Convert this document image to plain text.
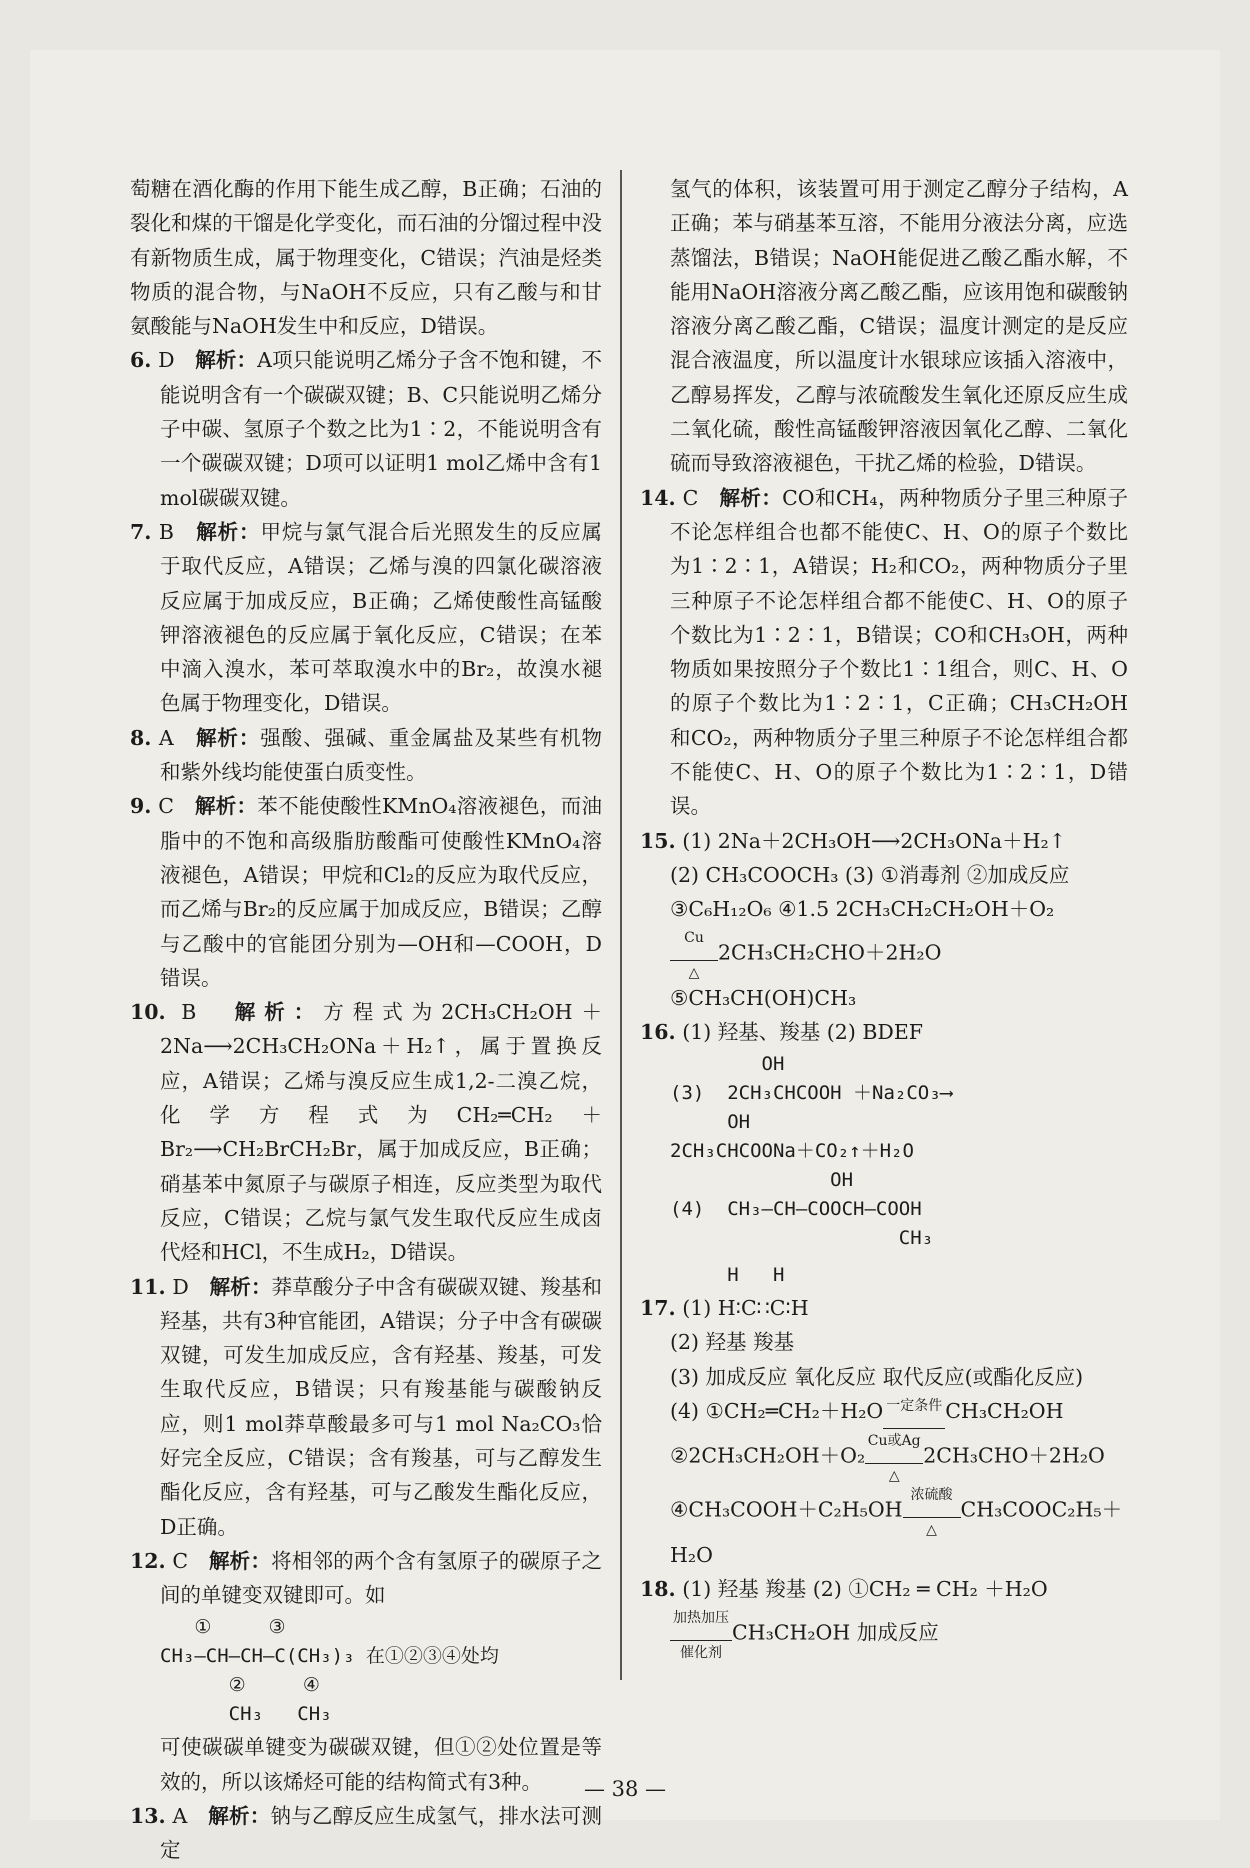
萄糖在酒化酶的作用下能生成乙醇，B正确；石油的裂化和煤的干馏是化学变化，而石油的分馏过程中没有新物质生成，属于物理变化，C错误；汽油是烃类物质的混合物，与NaOH不反应，只有乙酸与和甘氨酸能与NaOH发生中和反应，D错误。

6. D　 解析：A项只能说明乙烯分子含不饱和键，不能说明含有一个碳碳双键；B、C只能说明乙烯分子中碳、氢原子个数之比为1∶2，不能说明含有一个碳碳双键；D项可以证明1 mol乙烯中含有1 mol碳碳双键。

7. B　 解析：甲烷与氯气混合后光照发生的反应属于取代反应，A错误；乙烯与溴的四氯化碳溶液反应属于加成反应，B正确；乙烯使酸性高锰酸钾溶液褪色的反应属于氧化反应，C错误；在苯中滴入溴水，苯可萃取溴水中的Br₂，故溴水褪色属于物理变化，D错误。

8. A　 解析：强酸、强碱、重金属盐及某些有机物和紫外线均能使蛋白质变性。

9. C　 解析：苯不能使酸性KMnO₄溶液褪色，而油脂中的不饱和高级脂肪酸酯可使酸性KMnO₄溶液褪色，A错误；甲烷和Cl₂的反应为取代反应，而乙烯与Br₂的反应属于加成反应，B错误；乙醇与乙酸中的官能团分别为—OH和—COOH，D错误。

10. B　 解析：方程式为2CH₃CH₂OH＋2Na⟶2CH₃CH₂ONa＋H₂↑，属于置换反应，A错误；乙烯与溴反应生成1,2-二溴乙烷，化学方程式为CH₂═CH₂＋Br₂⟶CH₂BrCH₂Br，属于加成反应，B正确；硝基苯中氮原子与碳原子相连，反应类型为取代反应，C错误；乙烷与氯气发生取代反应生成卤代烃和HCl，不生成H₂，D错误。

11. D　 解析：莽草酸分子中含有碳碳双键、羧基和羟基，共有3种官能团，A错误；分子中含有碳碳双键，可发生加成反应，含有羟基、羧基，可发生取代反应，B错误；只有羧基能与碳酸钠反应，则1 mol莽草酸最多可与1 mol Na₂CO₃恰好完全反应，C错误；含有羧基，可与乙醇发生酯化反应，含有羟基，可与乙酸发生酯化反应，D正确。

12. C　 解析：将相邻的两个含有氢原子的碳原子之间的单键变双键即可。如

①     ③
CH₃—CH—CH—C(CH₃)₃ 在①②③④处均
②     ④
CH₃   CH₃

可使碳碳单键变为碳碳双键，但①②处位置是等效的，所以该烯烃可能的结构简式有3种。

13. A　 解析：钠与乙醇反应生成氢气，排水法可测定

氢气的体积，该装置可用于测定乙醇分子结构，A正确；苯与硝基苯互溶，不能用分液法分离，应选蒸馏法，B错误；NaOH能促进乙酸乙酯水解，不能用NaOH溶液分离乙酸乙酯，应该用饱和碳酸钠溶液分离乙酸乙酯，C错误；温度计测定的是反应混合液温度，所以温度计水银球应该插入溶液中，乙醇易挥发，乙醇与浓硫酸发生氧化还原反应生成二氧化硫，酸性高锰酸钾溶液因氧化乙醇、二氧化硫而导致溶液褪色，干扰乙烯的检验，D错误。

14. C　 解析：CO和CH₄，两种物质分子里三种原子不论怎样组合也都不能使C、H、O的原子个数比为1∶2∶1，A错误；H₂和CO₂，两种物质分子里三种原子不论怎样组合都不能使C、H、O的原子个数比为1∶2∶1，B错误；CO和CH₃OH，两种物质如果按照分子个数比1∶1组合，则C、H、O的原子个数比为1∶2∶1，C正确；CH₃CH₂OH和CO₂，两种物质分子里三种原子不论怎样组合都不能使C、H、O的原子个数比为1∶2∶1，D错误。

15. (1) 2Na＋2CH₃OH⟶2CH₃ONa＋H₂↑

(2) CH₃COOCH₃ (3) ①消毒剂 ②加成反应

③C₆H₁₂O₆ ④1.5 2CH₃CH₂CH₂OH＋O₂

Cu

△2CH₃CH₂CHO＋2H₂O

⑤CH₃CH(OH)CH₃

16. (1) 羟基、羧基 (2) BDEF

OH
(3)  2CH₃CHCOOH ＋Na₂CO₃⟶
OH
2CH₃CHCOONa＋CO₂↑＋H₂O
OH
(4)  CH₃—CH—COOCH—COOH
CH₃
H   H

17. (1) H∶C∷C∶H

(2) 羟基 羧基

(3) 加成反应 氧化反应 取代反应(或酯化反应)

(4) ①CH₂═CH₂＋H₂O 一定条件 CH₃CH₂OH

②2CH₃CH₂OH＋O₂Cu或Ag

△2CH₃CHO＋2H₂O

④CH₃COOH＋C₂H₅OH浓硫酸

△CH₃COOC₂H₅＋

H₂O

18. (1) 羟基 羧基 (2) ①CH₂ ═ CH₂ ＋H₂O

加热加压

催化剂CH₃CH₂OH 加成反应

— 38 —
